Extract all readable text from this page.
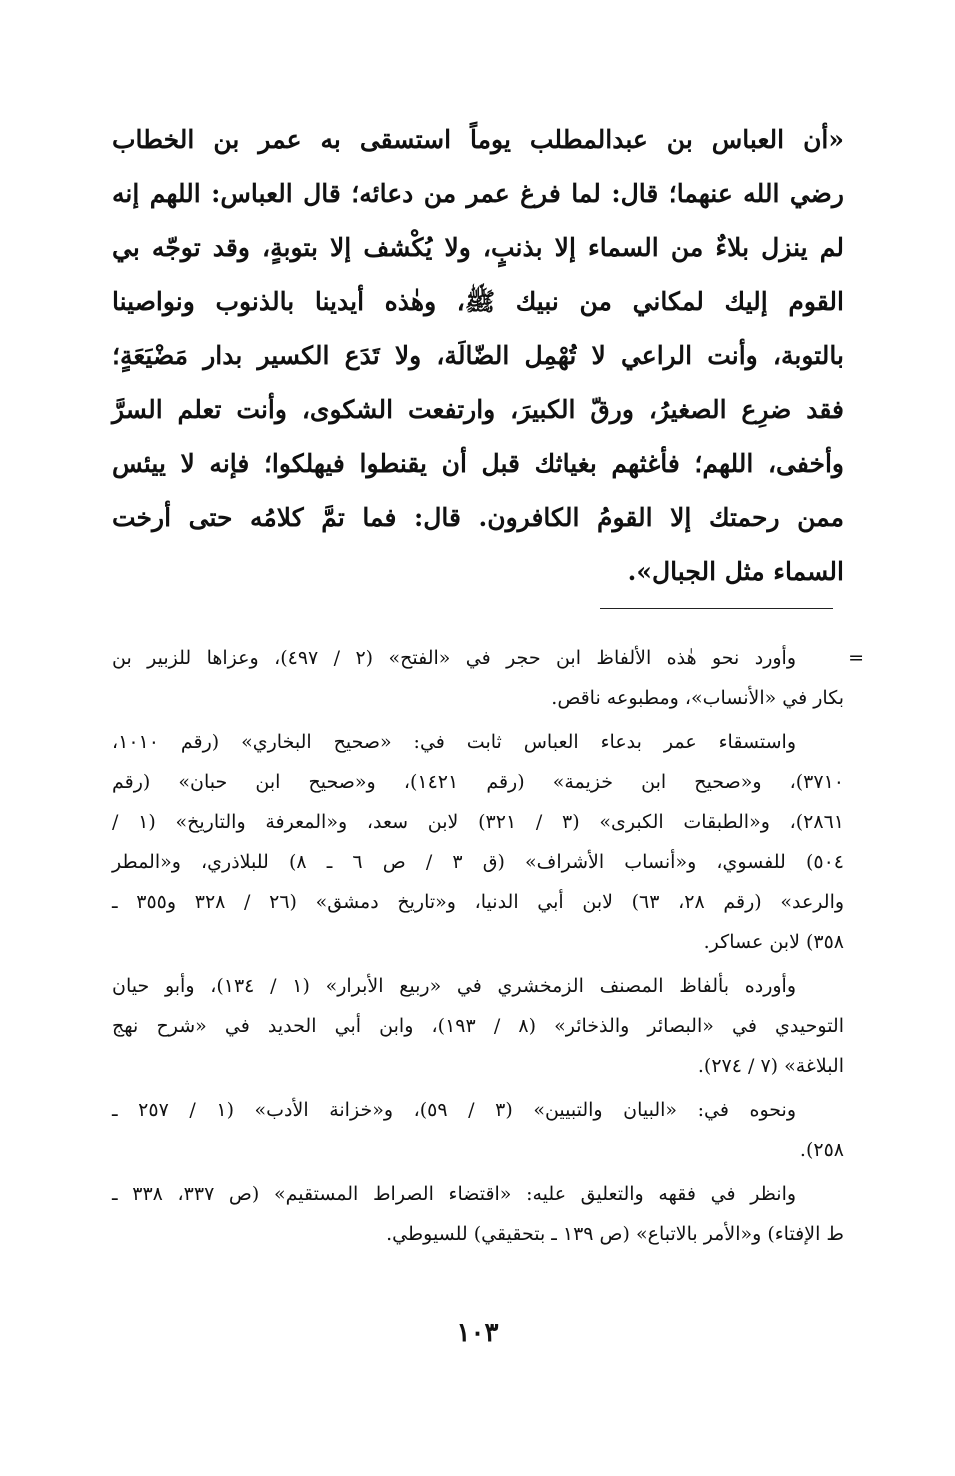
«أن العباس بن عبدالمطلب يوماً استسقى به عمر بن الخطاب
رضي الله عنهما؛ قال: لما فرغ عمر من دعائه؛ قال العباس: اللهم إنه
لم ينزل بلاءٌ من السماء إلا بذنبٍ، ولا يُكْشف إلا بتوبةٍ، وقد توجّه بي
القوم إليك لمكاني من نبيك ﷺ، وهٰذه أيدينا بالذنوب ونواصينا
بالتوبة، وأنت الراعي لا تُهْمِل الضّالَة، ولا تَدَع الكسير بدار مَضْيَعَةٍ؛
فقد ضرِع الصغيرُ، ورقّ الكبيرَ، وارتفعت الشكوى، وأنت تعلم السرَّ
وأخفى، اللهم؛ فأغثهم بغياثك قبل أن يقنطوا فيهلكوا؛ فإنه لا ييئس
ممن رحمتك إلا القومُ الكافرون. قال: فما تمَّ كلامُه حتى أرخت
السماء مثل الجبال».
=
وأورد نحو هٰذه الألفاظ ابن حجر في «الفتح» (٢ / ٤٩٧)، وعزاها للزبير بن
بكار في «الأنساب»، ومطبوعه ناقص.
واستسقاء عمر بدعاء العباس ثابت في: «صحيح البخاري» (رقم ١٠١٠،
٣٧١٠)، و«صحيح ابن خزيمة» (رقم ١٤٢١)، و«صحيح ابن حبان» (رقم
٢٨٦١)، و«الطبقات الكبرى» (٣ / ٣٢١) لابن سعد، و«المعرفة والتاريخ» (١ /
٥٠٤) للفسوي، و«أنساب الأشراف» (ق ٣ / ص ٦ ـ ٨) للبلاذري، و«المطر
والرعد» (رقم ٢٨، ٦٣) لابن أبي الدنيا، و«تاريخ دمشق» (٢٦ / ٣٢٨ و٣٥٥ ـ
٣٥٨) لابن عساكر.
وأورده بألفاظ المصنف الزمخشري في «ربيع الأبرار» (١ / ١٣٤)، وأبو حيان
التوحيدي في «البصائر والذخائر» (٨ / ١٩٣)، وابن أبي الحديد في «شرح نهج
البلاغة» (٧ / ٢٧٤).
ونحوه في: «البيان والتبيين» (٣ / ٥٩)، و«خزانة الأدب» (١ / ٢٥٧ ـ
٢٥٨).
وانظر في فقهه والتعليق عليه: «اقتضاء الصراط المستقيم» (ص ٣٣٧، ٣٣٨ ـ
ط الإفتاء) و«الأمر بالاتباع» (ص ١٣٩ ـ بتحقيقي) للسيوطي.
١٠٣
